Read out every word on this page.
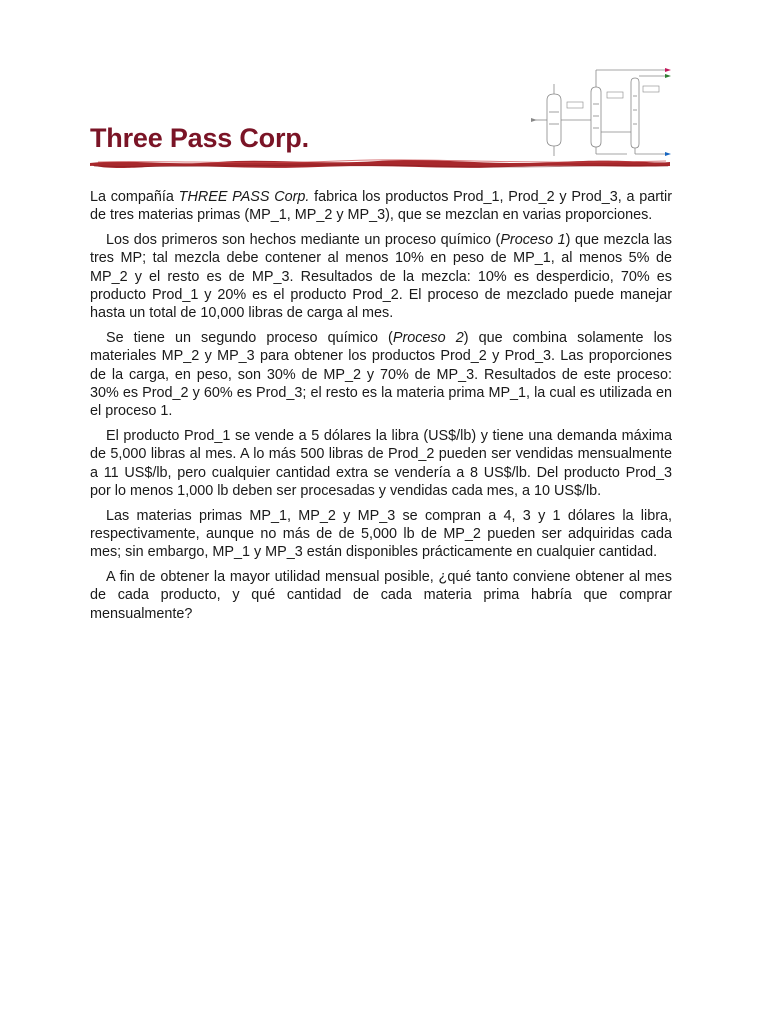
Three Pass Corp.

La compañía THREE PASS Corp. fabrica los productos Prod_1, Prod_2 y Prod_3, a partir de tres materias primas (MP_1, MP_2 y MP_3), que se mezclan en varias proporciones.

Los dos primeros son hechos mediante un proceso químico (Proceso 1) que mezcla las tres MP; tal mezcla debe contener al menos 10% en peso de MP_1, al menos 5% de MP_2 y el resto es de MP_3. Resultados de la mezcla: 10% es desperdicio, 70% es producto Prod_1 y 20% es el producto Prod_2. El proceso de mezclado puede manejar hasta un total de 10,000 libras de carga al mes.

Se tiene un segundo proceso químico (Proceso 2) que combina solamente los materiales MP_2 y MP_3 para obtener los productos Prod_2 y Prod_3. Las proporciones de la carga, en peso, son 30% de MP_2 y 70% de MP_3. Resultados de este proceso: 30% es Prod_2 y 60% es Prod_3; el resto es la materia prima MP_1, la cual es utilizada en el proceso 1.

El producto Prod_1 se vende a 5 dólares la libra (US$/lb) y tiene una demanda máxima de 5,000 libras al mes. A lo más 500 libras de Prod_2 pueden ser vendidas mensualmente a 11 US$/lb, pero cualquier cantidad extra se vendería a 8 US$/lb. Del producto Prod_3 por lo menos 1,000 lb deben ser procesadas y vendidas cada mes, a 10 US$/lb.

Las materias primas MP_1, MP_2 y MP_3 se compran a 4, 3 y 1 dólares la libra, respectivamente, aunque no más de de 5,000 lb de MP_2 pueden ser adquiridas cada mes; sin embargo, MP_1 y MP_3 están disponibles prácticamente en cualquier cantidad.

A fin de obtener la mayor utilidad mensual posible, ¿qué tanto conviene obtener al mes de cada producto, y qué cantidad de cada materia prima habría que comprar mensualmente?
